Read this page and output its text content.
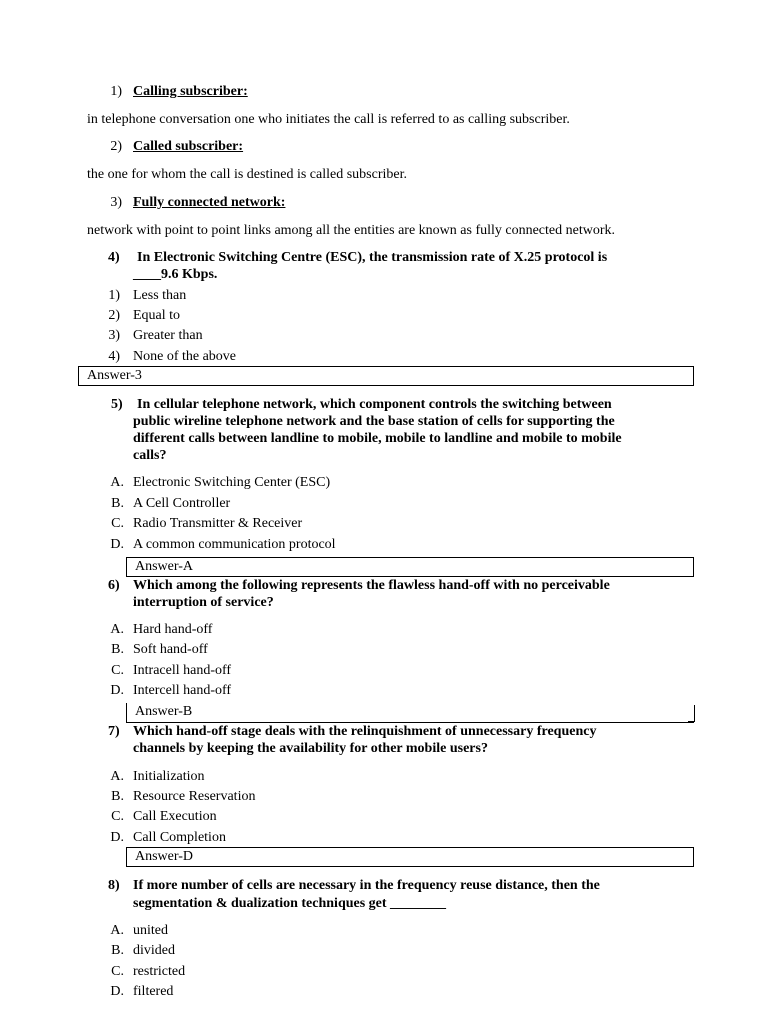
1) Calling subscriber:
in telephone conversation one who initiates the call is referred to as calling subscriber.
2) Called subscriber:
the one for whom the call is destined is called subscriber.
3) Fully connected network:
network with point to point links among all the entities are known as fully connected network.
4) In Electronic Switching Centre (ESC), the transmission rate of X.25 protocol is
____9.6 Kbps.
1) Less than
2) Equal to
3) Greater than
4) None of the above
Answer-3
5) In cellular telephone network, which component controls the switching between
public wireline telephone network and the base station of cells for supporting the
different calls between landline to mobile, mobile to landline and mobile to mobile
calls?
A. Electronic Switching Center (ESC)
B. A Cell Controller
C. Radio Transmitter & Receiver
D. A common communication protocol
Answer-A
6) Which among the following represents the flawless hand-off with no perceivable
interruption of service?
A. Hard hand-off
B. Soft hand-off
C. Intracell hand-off
D. Intercell hand-off
Answer-B
7) Which hand-off stage deals with the relinquishment of unnecessary frequency
channels by keeping the availability for other mobile users?
A. Initialization
B. Resource Reservation
C. Call Execution
D. Call Completion
Answer-D
8) If more number of cells are necessary in the frequency reuse distance, then the
segmentation & dualization techniques get ________
A. united
B. divided
C. restricted
D. filtered
